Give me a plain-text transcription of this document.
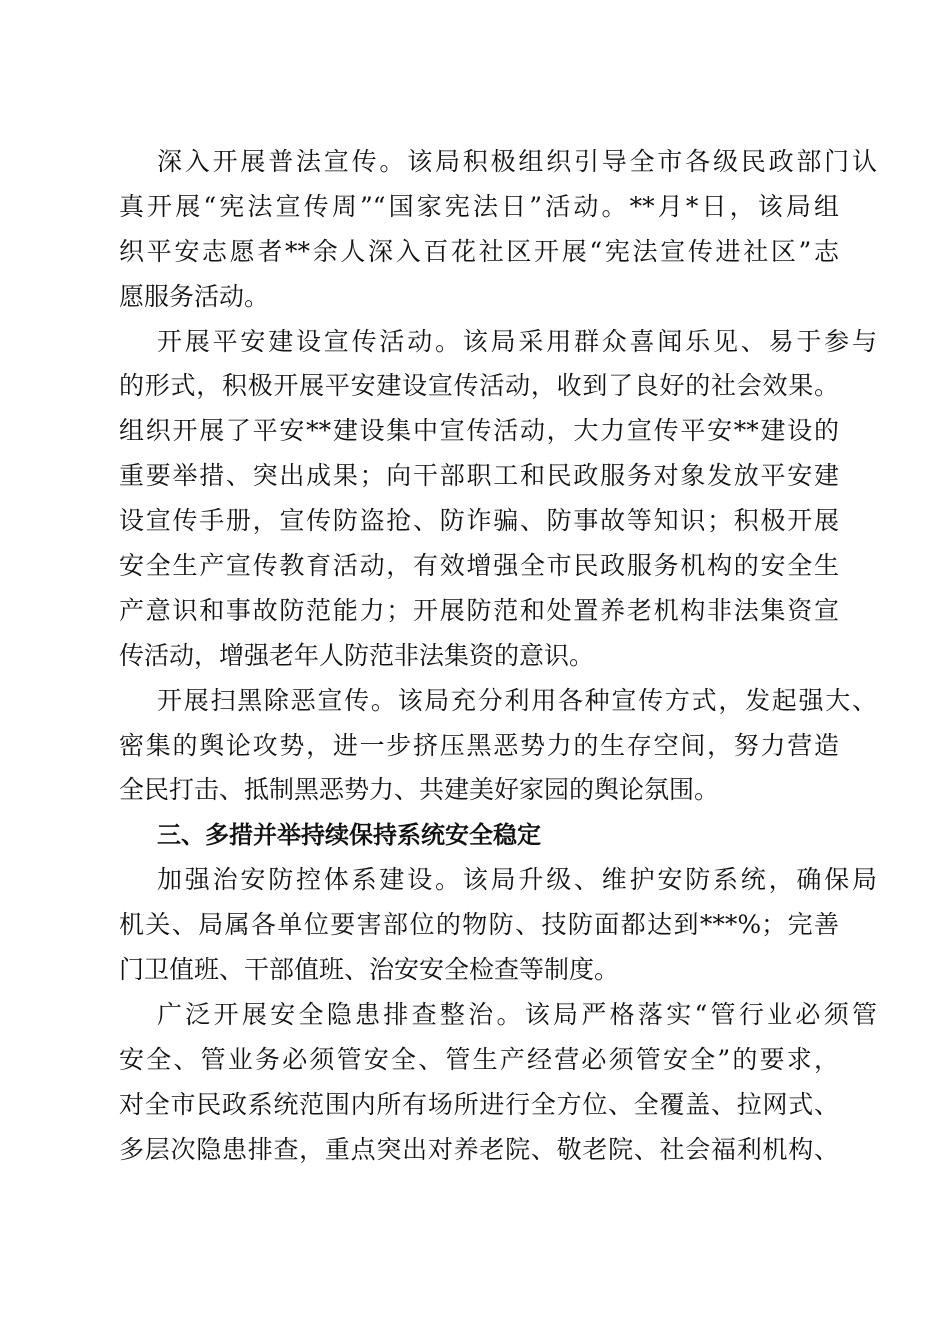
深入开展普法宣传。该局积极组织引导全市各级民政部门认
真开展“宪法宣传周”“国家宪法日”活动。**月*日，该局组
织平安志愿者**余人深入百花社区开展“宪法宣传进社区”志
愿服务活动。
开展平安建设宣传活动。该局采用群众喜闻乐见、易于参与
的形式，积极开展平安建设宣传活动，收到了良好的社会效果。
组织开展了平安**建设集中宣传活动，大力宣传平安**建设的
重要举措、突出成果；向干部职工和民政服务对象发放平安建
设宣传手册，宣传防盗抢、防诈骗、防事故等知识；积极开展
安全生产宣传教育活动，有效增强全市民政服务机构的安全生
产意识和事故防范能力；开展防范和处置养老机构非法集资宣
传活动，增强老年人防范非法集资的意识。
开展扫黑除恶宣传。该局充分利用各种宣传方式，发起强大、
密集的舆论攻势，进一步挤压黑恶势力的生存空间，努力营造
全民打击、抵制黑恶势力、共建美好家园的舆论氛围。
三、多措并举持续保持系统安全稳定
加强治安防控体系建设。该局升级、维护安防系统，确保局
机关、局属各单位要害部位的物防、技防面都达到***%；完善
门卫值班、干部值班、治安安全检查等制度。
广泛开展安全隐患排查整治。该局严格落实“管行业必须管
安全、管业务必须管安全、管生产经营必须管安全”的要求，
对全市民政系统范围内所有场所进行全方位、全覆盖、拉网式、
多层次隐患排查，重点突出对养老院、敬老院、社会福利机构、
